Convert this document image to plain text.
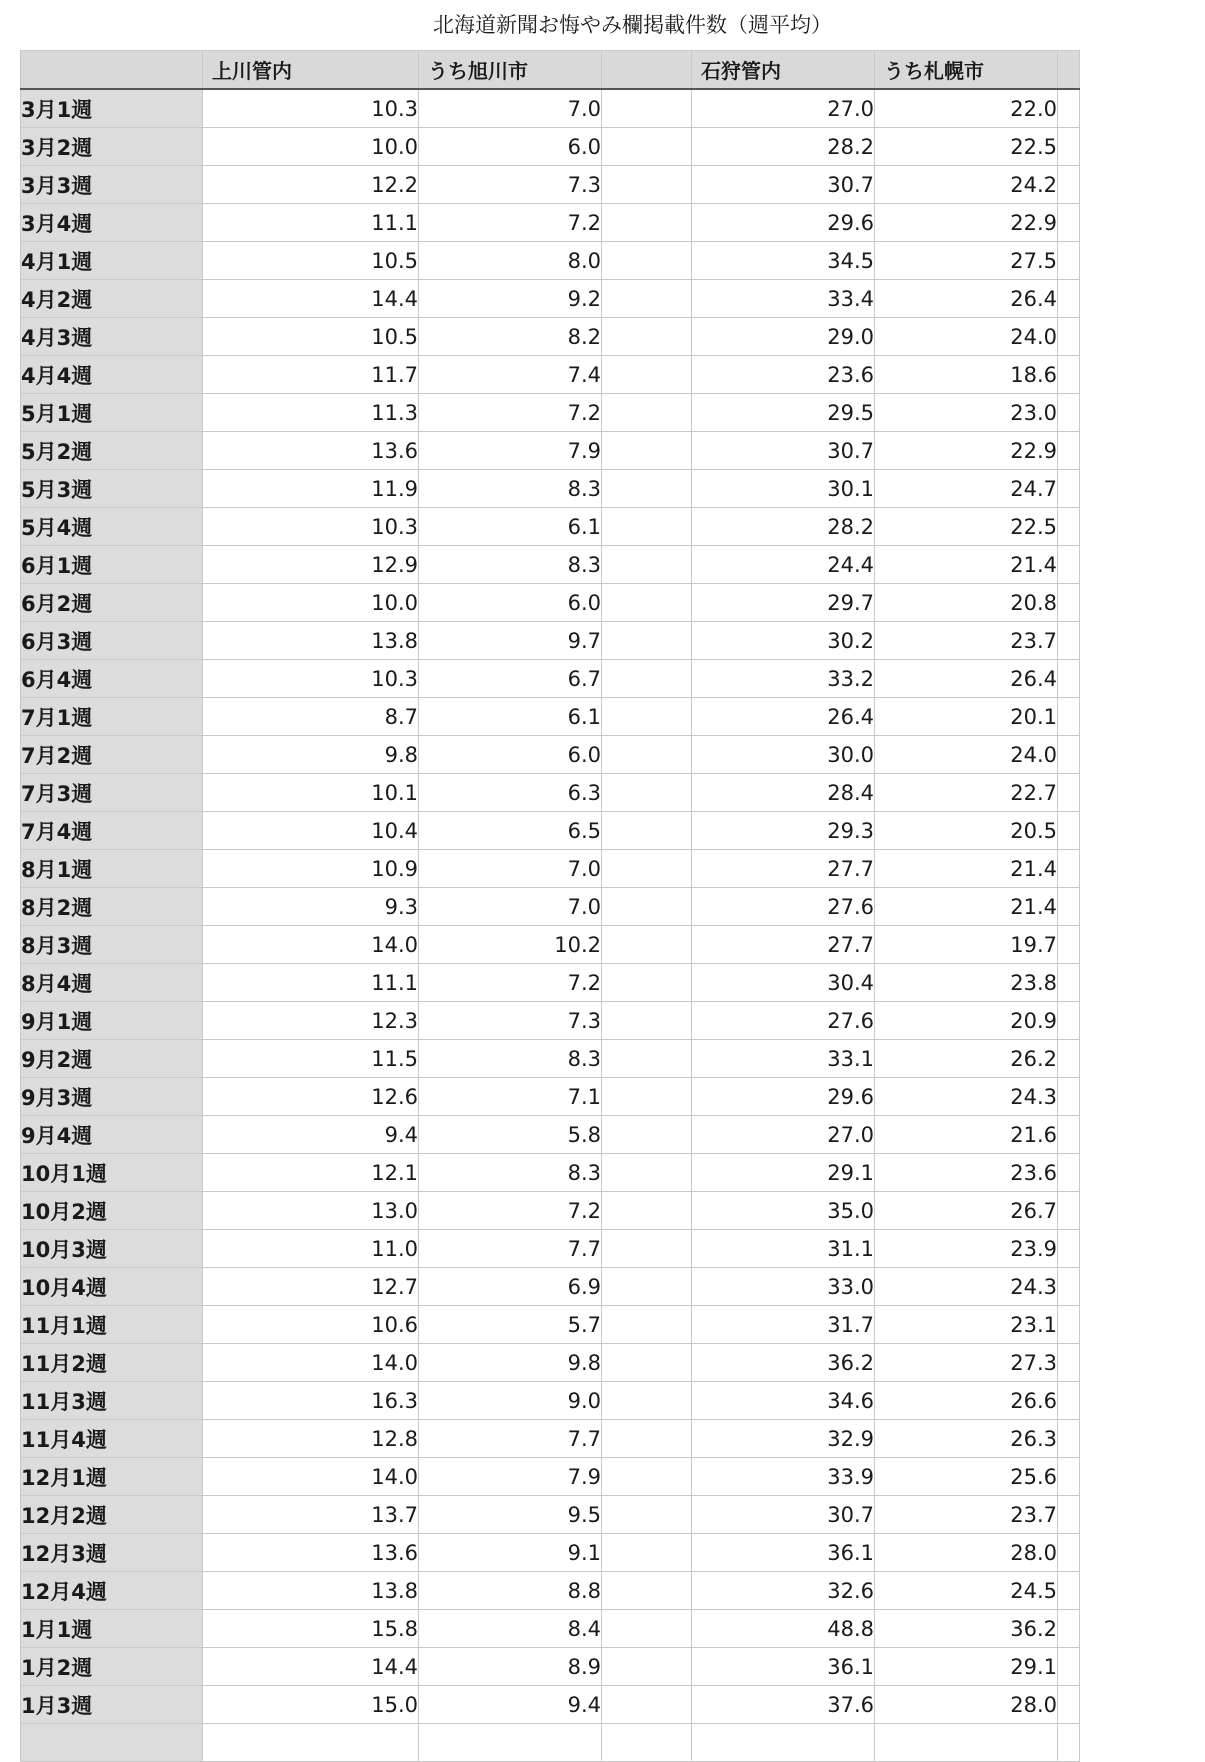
北海道新聞お悔やみ欄掲載件数（週平均）
	上川管内	うち旭川市		石狩管内	うち札幌市	
3月1週	10.3	7.0		27.0	22.0	
3月2週	10.0	6.0		28.2	22.5	
3月3週	12.2	7.3		30.7	24.2	
3月4週	11.1	7.2		29.6	22.9	
4月1週	10.5	8.0		34.5	27.5	
4月2週	14.4	9.2		33.4	26.4	
4月3週	10.5	8.2		29.0	24.0	
4月4週	11.7	7.4		23.6	18.6	
5月1週	11.3	7.2		29.5	23.0	
5月2週	13.6	7.9		30.7	22.9	
5月3週	11.9	8.3		30.1	24.7	
5月4週	10.3	6.1		28.2	22.5	
6月1週	12.9	8.3		24.4	21.4	
6月2週	10.0	6.0		29.7	20.8	
6月3週	13.8	9.7		30.2	23.7	
6月4週	10.3	6.7		33.2	26.4	
7月1週	8.7	6.1		26.4	20.1	
7月2週	9.8	6.0		30.0	24.0	
7月3週	10.1	6.3		28.4	22.7	
7月4週	10.4	6.5		29.3	20.5	
8月1週	10.9	7.0		27.7	21.4	
8月2週	9.3	7.0		27.6	21.4	
8月3週	14.0	10.2		27.7	19.7	
8月4週	11.1	7.2		30.4	23.8	
9月1週	12.3	7.3		27.6	20.9	
9月2週	11.5	8.3		33.1	26.2	
9月3週	12.6	7.1		29.6	24.3	
9月4週	9.4	5.8		27.0	21.6	
10月1週	12.1	8.3		29.1	23.6	
10月2週	13.0	7.2		35.0	26.7	
10月3週	11.0	7.7		31.1	23.9	
10月4週	12.7	6.9		33.0	24.3	
11月1週	10.6	5.7		31.7	23.1	
11月2週	14.0	9.8		36.2	27.3	
11月3週	16.3	9.0		34.6	26.6	
11月4週	12.8	7.7		32.9	26.3	
12月1週	14.0	7.9		33.9	25.6	
12月2週	13.7	9.5		30.7	23.7	
12月3週	13.6	9.1		36.1	28.0	
12月4週	13.8	8.8		32.6	24.5	
1月1週	15.8	8.4		48.8	36.2	
1月2週	14.4	8.9		36.1	29.1	
1月3週	15.0	9.4		37.6	28.0	
